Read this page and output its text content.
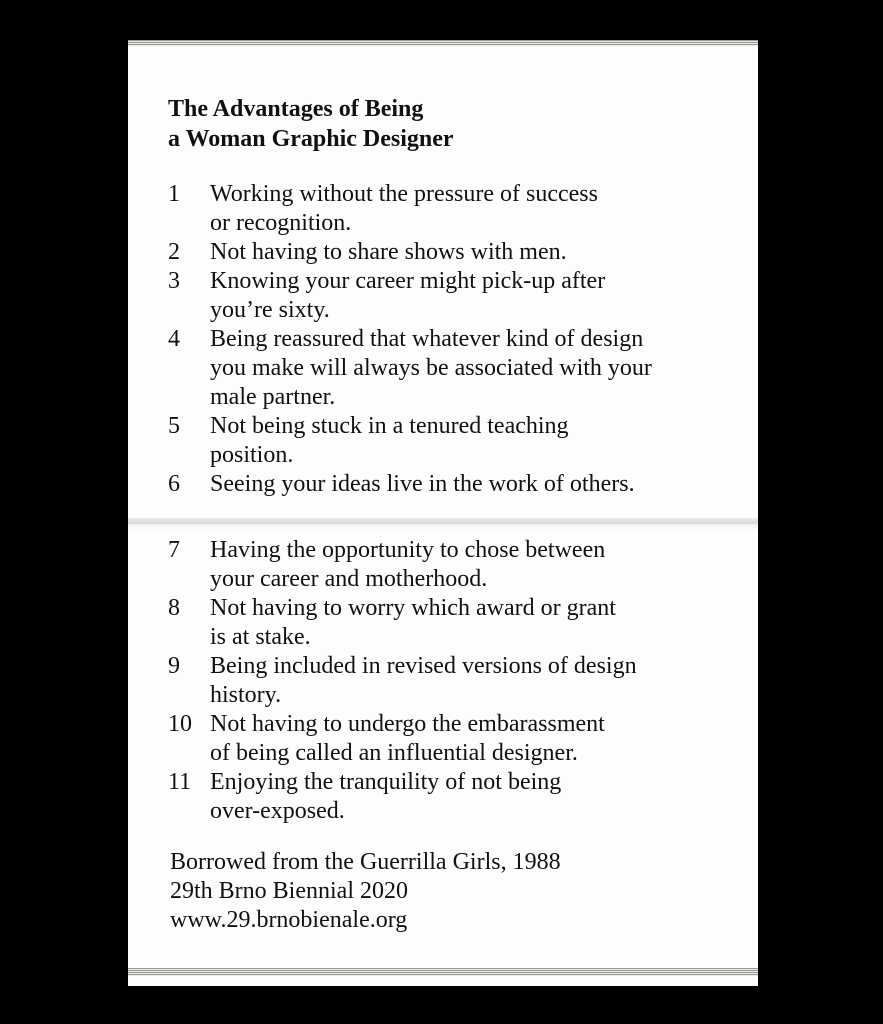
The Advantages of Being
a Woman Graphic Designer
1	Working without the pressure of success
or recognition.
2	Not having to share shows with men.
3	Knowing your career might pick-up after
you’re sixty.
4	Being reassured that whatever kind of design
you make will always be associated with your
male partner.
5	Not being stuck in a tenured teaching
position.
6	Seeing your ideas live in the work of others.
7	Having the opportunity to chose between
your career and motherhood.
8	Not having to worry which award or grant
is at stake.
9	Being included in revised versions of design
history.
10 Not having to undergo the embarassment
of being called an influential designer.
11 Enjoying the tranquility of not being
over-exposed.
Borrowed from the Guerrilla Girls, 1988
29th Brno Biennial 2020
www.29.brnobienale.org
